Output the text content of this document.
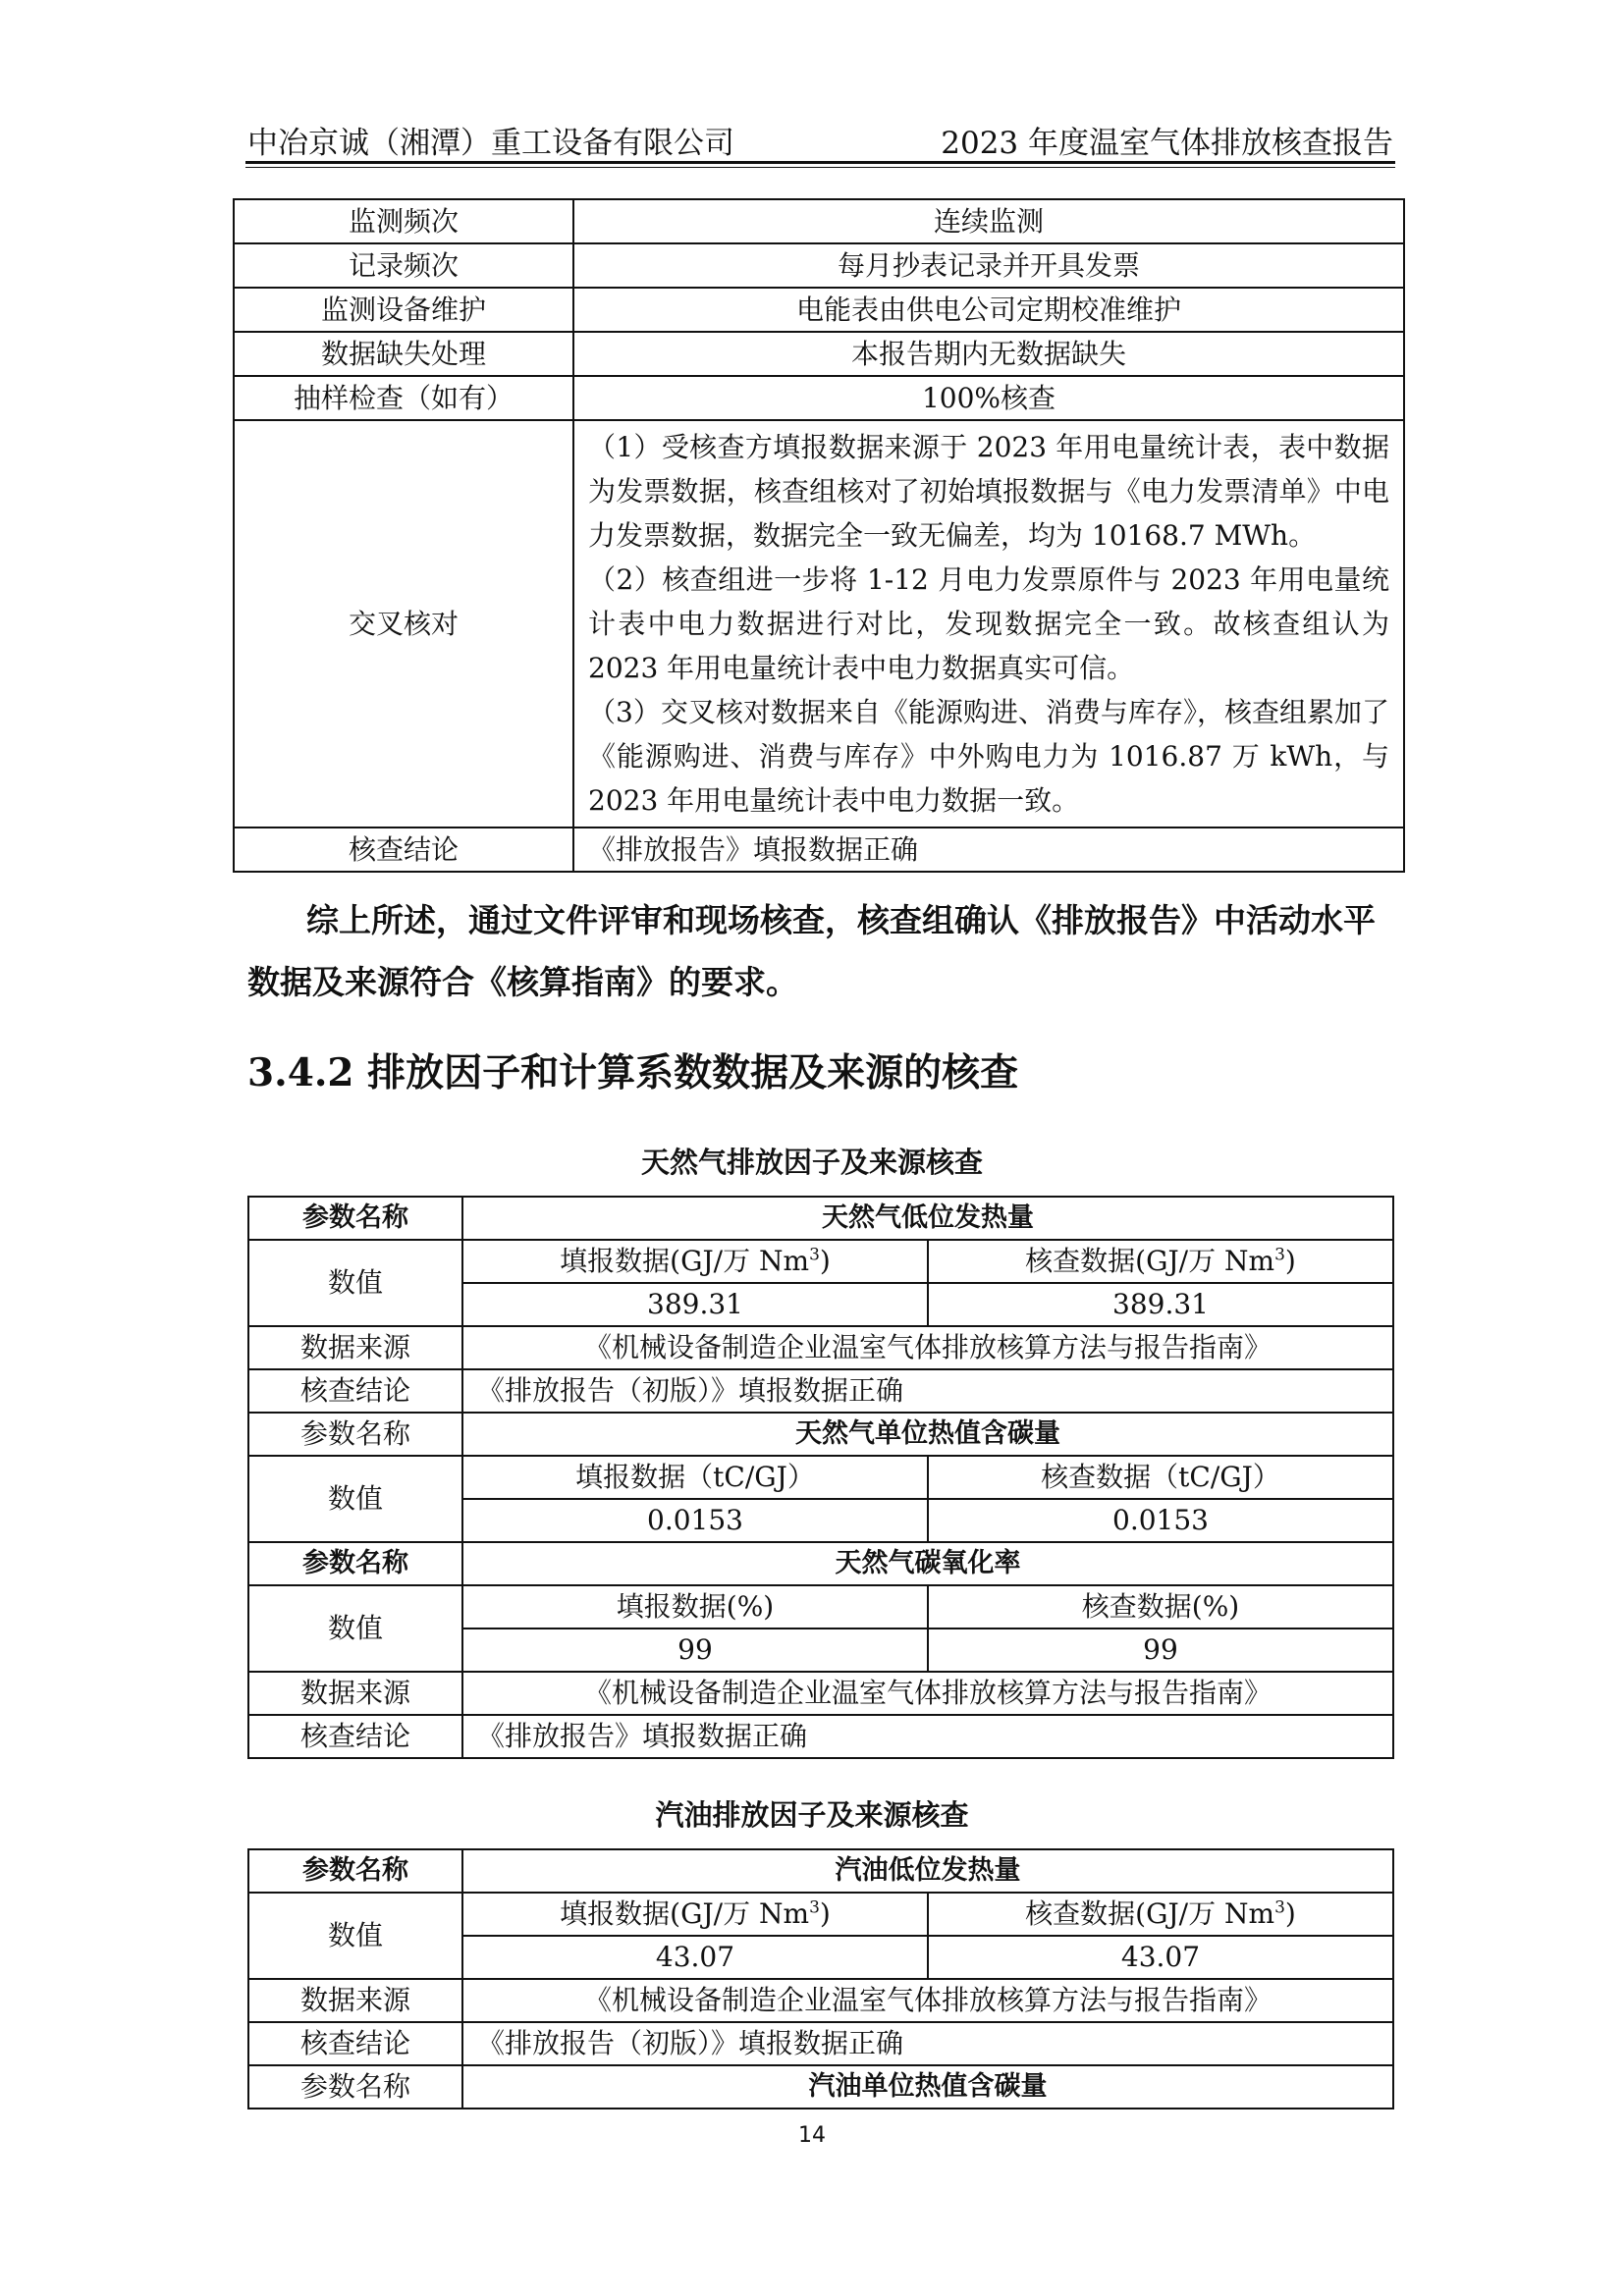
中冶京诚（湘潭）重工设备有限公司	2023 年度温室气体排放核查报告
监测频次	连续监测
记录频次	每月抄表记录并开具发票
监测设备维护	电能表由供电公司定期校准维护
数据缺失处理	本报告期内无数据缺失
抽样检查（如有）	100%核查
交叉核对	（1）受核查方填报数据来源于 2023 年用电量统计表，表中数据为发票数据，核查组核对了初始填报数据与《电力发票清单》中电力发票数据，数据完全一致无偏差，均为 10168.7 MWh。
（2）核查组进一步将 1-12 月电力发票原件与 2023 年用电量统计表中电力数据进行对比，发现数据完全一致。故核查组认为 2023 年用电量统计表中电力数据真实可信。
（3）交叉核对数据来自《能源购进、消费与库存》，核查组累加了《能源购进、消费与库存》中外购电力为 1016.87 万 kWh，与 2023 年用电量统计表中电力数据一致。

核查结论	《排放报告》填报数据正确

综上所述，通过文件评审和现场核查，核查组确认《排放报告》中活动水平数据及来源符合《核算指南》的要求。

3.4.2 排放因子和计算系数数据及来源的核查
天然气排放因子及来源核查
参数名称	天然气低位发热量	
数值	填报数据(GJ/万 Nm$^3$)	核查数据(GJ/万 Nm$^3$)
	389.31	389.31
数据来源	《机械设备制造企业温室气体排放核算方法与报告指南》	
核查结论	《排放报告（初版）》填报数据正确	
参数名称	天然气单位热值含碳量	
数值	填报数据（tC/GJ）	核查数据（tC/GJ）
	0.0153	0.0153
参数名称	天然气碳氧化率	
数值	填报数据(%)	核查数据(%)
	99	99
数据来源	《机械设备制造企业温室气体排放核算方法与报告指南》	
核查结论	《排放报告》填报数据正确	
汽油排放因子及来源核查
参数名称	汽油低位发热量	
数值	填报数据(GJ/万 Nm$^3$)	核查数据(GJ/万 Nm$^3$)
	43.07	43.07
数据来源	《机械设备制造企业温室气体排放核算方法与报告指南》	
核查结论	《排放报告（初版）》填报数据正确	
参数名称	汽油单位热值含碳量	
14
